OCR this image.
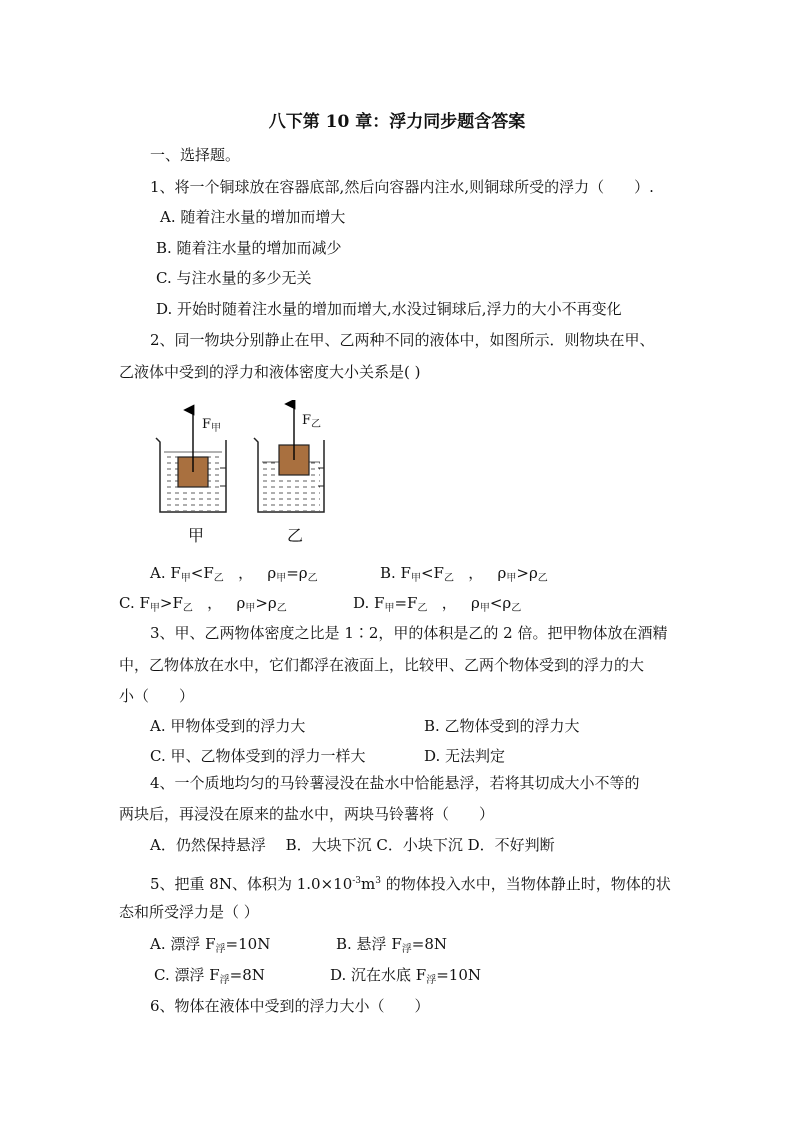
八下第 10 章：浮力同步题含答案
一、选择题。
1、将一个铜球放在容器底部,然后向容器内注水,则铜球所受的浮力（　　）.
A. 随着注水量的增加而增大
B. 随着注水量的增加而减少
C. 与注水量的多少无关
D. 开始时随着注水量的增加而增大,水没过铜球后,浮力的大小不再变化
2、同一物块分别静止在甲、乙两种不同的液体中，如图所示．则物块在甲、
乙液体中受到的浮力和液体密度大小关系是( )
$F_甲$
$F_乙$
甲	乙
A. $F_甲<F_乙$   ，   $\rho_甲=\rho_乙$	B. $F_甲<F_乙$   ，   $\rho_甲>\rho_乙$
C. $F_甲>F_乙$   ，   $\rho_甲>\rho_乙$	D. $F_甲=F_乙$   ，   $\rho_甲<\rho_乙$
3、甲、乙两物体密度之比是 1∶2，甲的体积是乙的 2 倍。把甲物体放在酒精
中，乙物体放在水中，它们都浮在液面上，比较甲、乙两个物体受到的浮力的大
小（　　）
A. 甲物体受到的浮力大	B. 乙物体受到的浮力大
C. 甲、乙物体受到的浮力一样大	D. 无法判定
4、一个质地均匀的马铃薯浸没在盐水中恰能悬浮，若将其切成大小不等的
两块后，再浸没在原来的盐水中，两块马铃薯将（　　）
A．仍然保持悬浮　 B．大块下沉 C．小块下沉 D．不好判断
5、把重 8N、体积为 $1.0\times 10^{-3}m^3$ 的物体投入水中，当物体静止时，物体的状
态和所受浮力是（ ）
A. 漂浮 $F_浮=10N$	B. 悬浮 $F_浮=8N$
C. 漂浮 $F_浮=8N$	D. 沉在水底 $F_浮=10N$
6、物体在液体中受到的浮力大小（　　）
